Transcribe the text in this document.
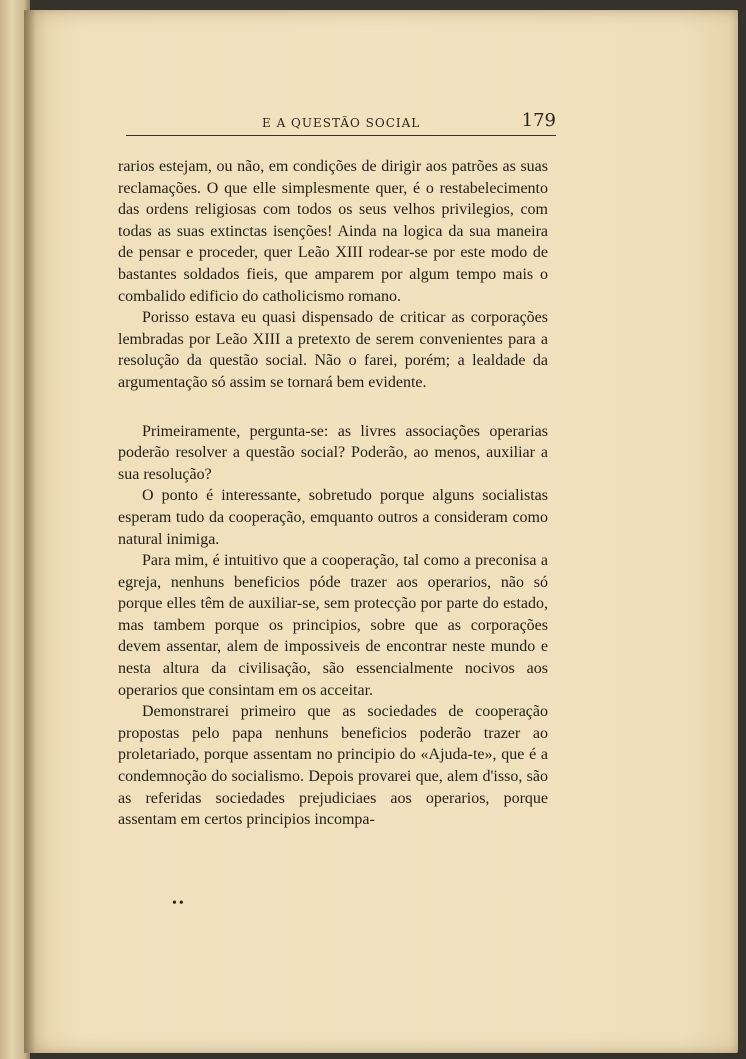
E A QUESTÃO SOCIAL	179

rarios estejam, ou não, em condições de dirigir aos patrões as suas reclamações. O que elle simplesmente quer, é o restabelecimento das ordens religiosas com todos os seus velhos privilegios, com todas as suas extinctas isenções! Ainda na logica da sua maneira de pensar e proceder, quer Leão XIII rodear-se por este modo de bastantes soldados fieis, que amparem por algum tempo mais o combalido edificio do catholicismo romano.

Porisso estava eu quasi dispensado de criticar as corporações lembradas por Leão XIII a pretexto de serem convenientes para a resolução da questão social. Não o farei, porém; a lealdade da argumentação só assim se tornará bem evidente.

Primeiramente, pergunta-se: as livres associações operarias poderão resolver a questão social? Poderão, ao menos, auxiliar a sua resolução?

O ponto é interessante, sobretudo porque alguns socialistas esperam tudo da cooperação, emquanto outros a consideram como natural inimiga.

Para mim, é intuitivo que a cooperação, tal como a preconisa a egreja, nenhuns beneficios póde trazer aos operarios, não só porque elles têm de auxiliar-se, sem protecção por parte do estado, mas tambem porque os principios, sobre que as corporações devem assentar, alem de impossiveis de encontrar neste mundo e nesta altura da civilisação, são essencialmente nocivos aos operarios que consintam em os acceitar.

Demonstrarei primeiro que as sociedades de cooperação propostas pelo papa nenhuns beneficios poderão trazer ao proletariado, porque assentam no principio do «Ajuda-te», que é a condemnoção do socialismo. Depois provarei que, alem d'isso, são as referidas sociedades prejudiciaes aos operarios, porque assentam em certos principios incompa-

••
